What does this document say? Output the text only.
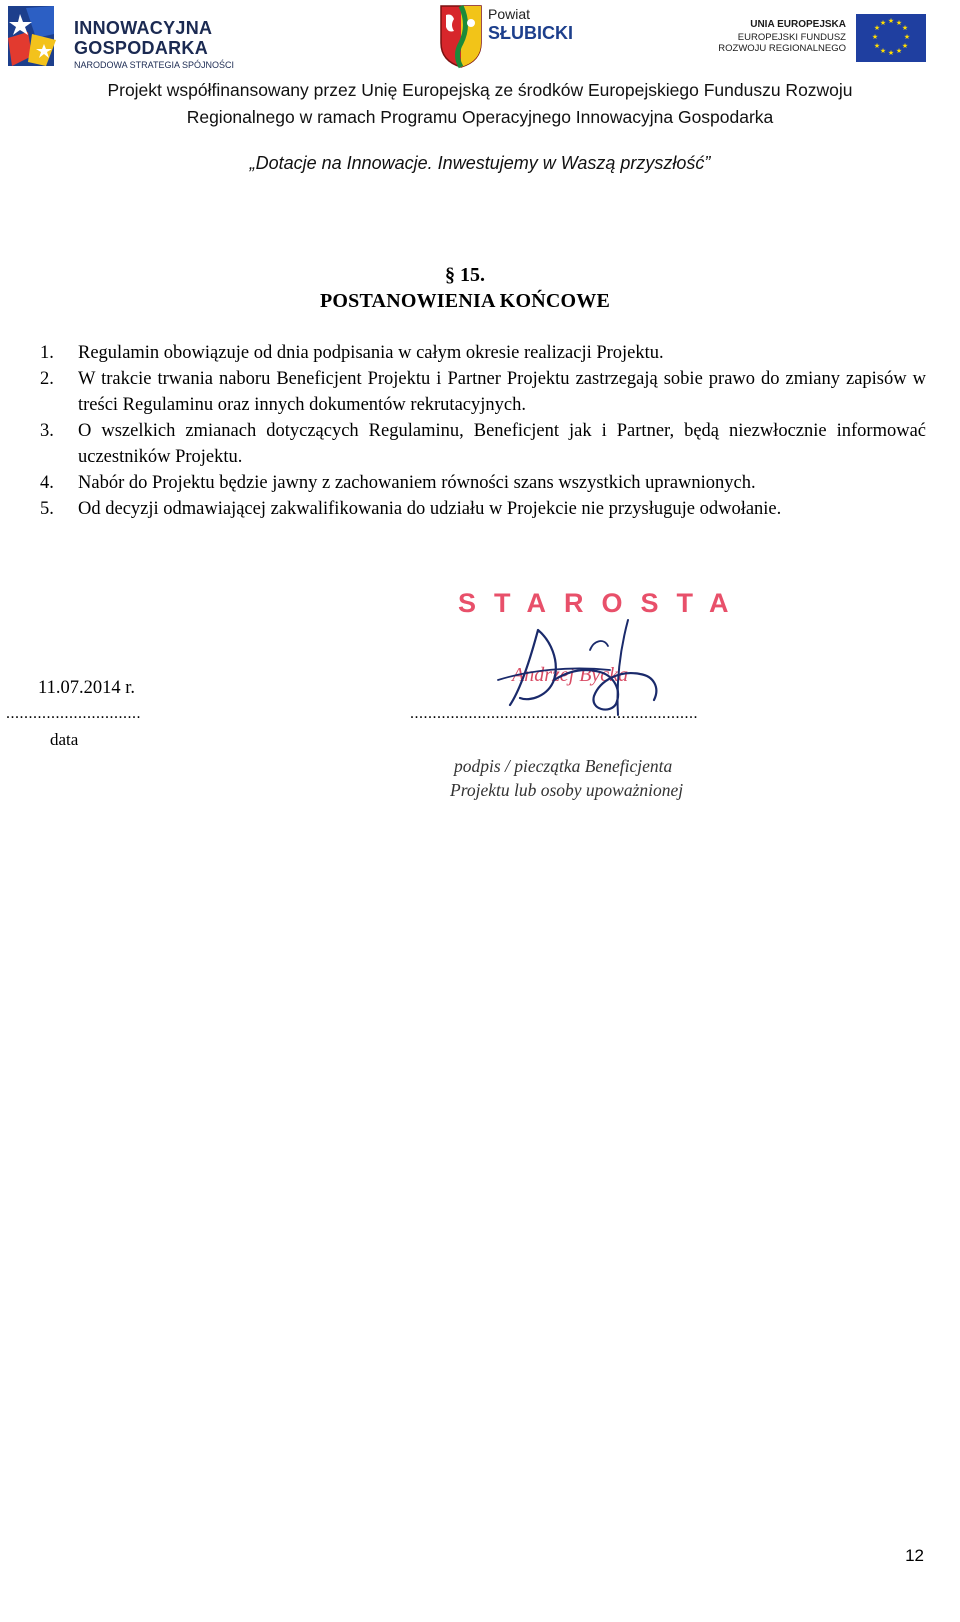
INNOWACYJNA
GOSPODARKA
NARODOWA STRATEGIA SPÓJNOŚCI
Powiat
SŁUBICKI	UNIA EUROPEJSKA
EUROPEJSKI FUNDUSZ
ROZWOJU REGIONALNEGO
★ ★
★
★
★
★
★
★
★
★
★
★
Projekt współfinansowany przez Unię Europejską ze środków Europejskiego Funduszu Rozwoju
Regionalnego w ramach Programu Operacyjnego Innowacyjna Gospodarka
„Dotacje na Innowacje. Inwestujemy w Waszą przyszłość”
§ 15.
POSTANOWIENIA KOŃCOWE
1. Regulamin obowiązuje od dnia podpisania w całym okresie realizacji Projektu.
2. W trakcie trwania naboru Beneficjent Projektu i Partner Projektu zastrzegają sobie prawo do zmiany zapisów w treści Regulaminu oraz innych dokumentów rekrutacyjnych.
3. O wszelkich zmianach dotyczących Regulaminu, Beneficjent jak i Partner, będą niezwłocznie informować uczestników Projektu.
4. Nabór do Projektu będzie jawny z zachowaniem równości szans wszystkich uprawnionych.
5. Od decyzji odmawiającej zakwalifikowania do udziału w Projekcie nie przysługuje odwołanie.
11.07.2014 r.
..............................
data
STAROSTA
Andrzej Bycka
................................................................
podpis / pieczątka Beneficjenta
Projektu lub osoby upoważnionej
12
